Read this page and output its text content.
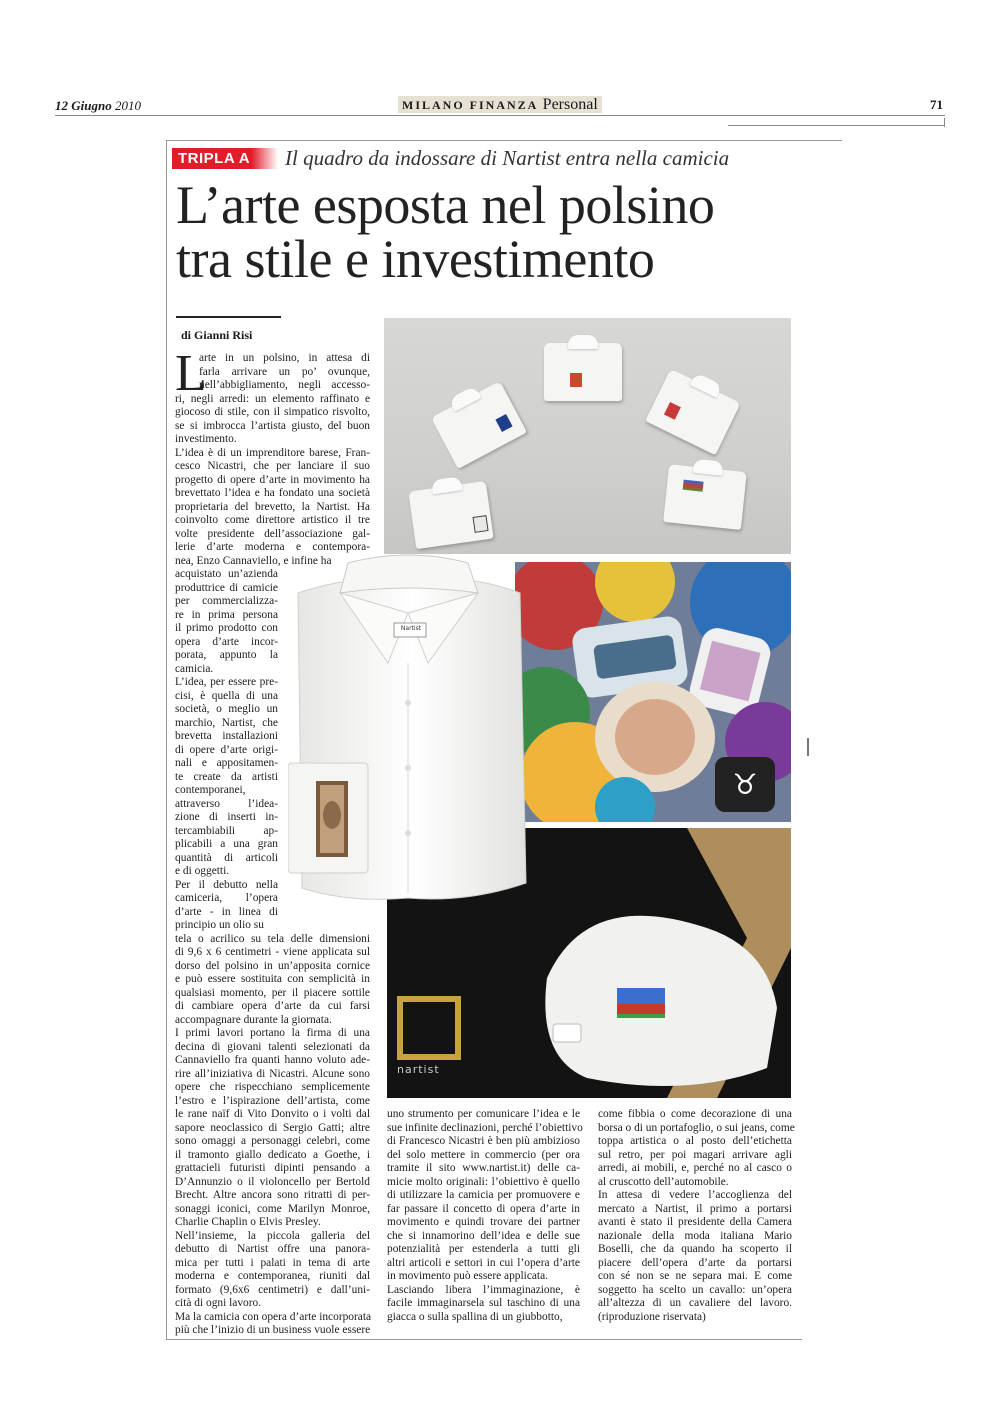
12 Giugno 2010	MILANO FINANZA Personal	71
TRIPLA A	Il quadro da indossare di Nartist entra nella camicia
L’arte esposta nel polsino
tra stile e investimento
di Gianni Risi
♉
nartist
Nartist
L
arte in un polsino, in attesa di
farla arrivare un po’ ovunque,
nell’abbigliamento, negli accesso-
ri, negli arredi: un elemento raffinato e
giocoso di stile, con il simpatico risvolto,
se si imbrocca l’artista giusto, del buon
investimento.
L’idea è di un imprenditore barese, Fran-
cesco Nicastri, che per lanciare il suo
progetto di opere d’arte in movimento ha
brevettato l’idea e ha fondato una società
proprietaria del brevetto, la Nartist. Ha
coinvolto come direttore artistico il tre
volte presidente dell’associazione gal-
lerie d’arte moderna e contempora-
nea, Enzo Cannaviello, e infine ha
acquistato un’azienda
produttrice di camicie
per commercializza-
re in prima persona
il primo prodotto con
opera d’arte incor-
porata, appunto la
camicia.
L’idea, per essere pre-
cisi, è quella di una
società, o meglio un
marchio, Nartist, che
brevetta installazioni
di opere d’arte origi-
nali e appositamen-
te create da artisti
contemporanei,
attraverso l’idea-
zione di inserti in-
tercambiabili ap-
plicabili a una gran
quantità di articoli
e di oggetti.
Per il debutto nella
camiceria, l’opera
d’arte - in linea di
principio un olio su
tela o acrilico su tela delle dimensioni
di 9,6 x 6 centimetri - viene applicata sul
dorso del polsino in un’apposita cornice
e può essere sostituita con semplicità in
qualsiasi momento, per il piacere sottile
di cambiare opera d’arte da cui farsi
accompagnare durante la giornata.
I primi lavori portano la firma di una
decina di giovani talenti selezionati da
Cannaviello fra quanti hanno voluto ade-
rire all’iniziativa di Nicastri. Alcune sono
opere che rispecchiano semplicemente
l’estro e l’ispirazione dell’artista, come
le rane naïf di Vito Donvito o i volti dal
sapore neoclassico di Sergio Gatti; altre
sono omaggi a personaggi celebri, come
il tramonto giallo dedicato a Goethe, i
grattacieli futuristi dipinti pensando a
D’Annunzio o il violoncello per Bertold
Brecht. Altre ancora sono ritratti di per-
sonaggi iconici, come Marilyn Monroe,
Charlie Chaplin o Elvis Presley.
Nell’insieme, la piccola galleria del
debutto di Nartist offre una panora-
mica per tutti i palati in tema di arte
moderna e contemporanea, riuniti dal
formato (9,6x6 centimetri) e dall’uni-
cità di ogni lavoro.
Ma la camicia con opera d’arte incorporata
più che l’inizio di un business vuole essere
uno strumento per comunicare l’idea e le
sue infinite declinazioni, perché l’obiettivo
di Francesco Nicastri è ben più ambizioso
del solo mettere in commercio (per ora
tramite il sito www.nartist.it) delle ca-
micie molto originali: l’obiettivo è quello
di utilizzare la camicia per promuovere e
far passare il concetto di opera d’arte in
movimento e quindi trovare dei partner
che si innamorino dell’idea e delle sue
potenzialità per estenderla a tutti gli
altri articoli e settori in cui l’opera d’arte
in movimento può essere applicata.
Lasciando libera l’immaginazione, è
facile immaginarsela sul taschino di una
giacca o sulla spallina di un giubbotto,
come fibbia o come decorazione di una
borsa o di un portafoglio, o sui jeans, come
toppa artistica o al posto dell’etichetta
sul retro, per poi magari arrivare agli
arredi, ai mobili, e, perché no al casco o
al cruscotto dell’automobile.
In attesa di vedere l’accoglienza del
mercato a Nartist, il primo a portarsi
avanti è stato il presidente della Camera
nazionale della moda italiana Mario
Boselli, che da quando ha scoperto il
piacere dell’opera d’arte da portarsi
con sé non se ne separa mai. E come
soggetto ha scelto un cavallo: un’opera
all’altezza di un cavaliere del lavoro.
(riproduzione riservata)
